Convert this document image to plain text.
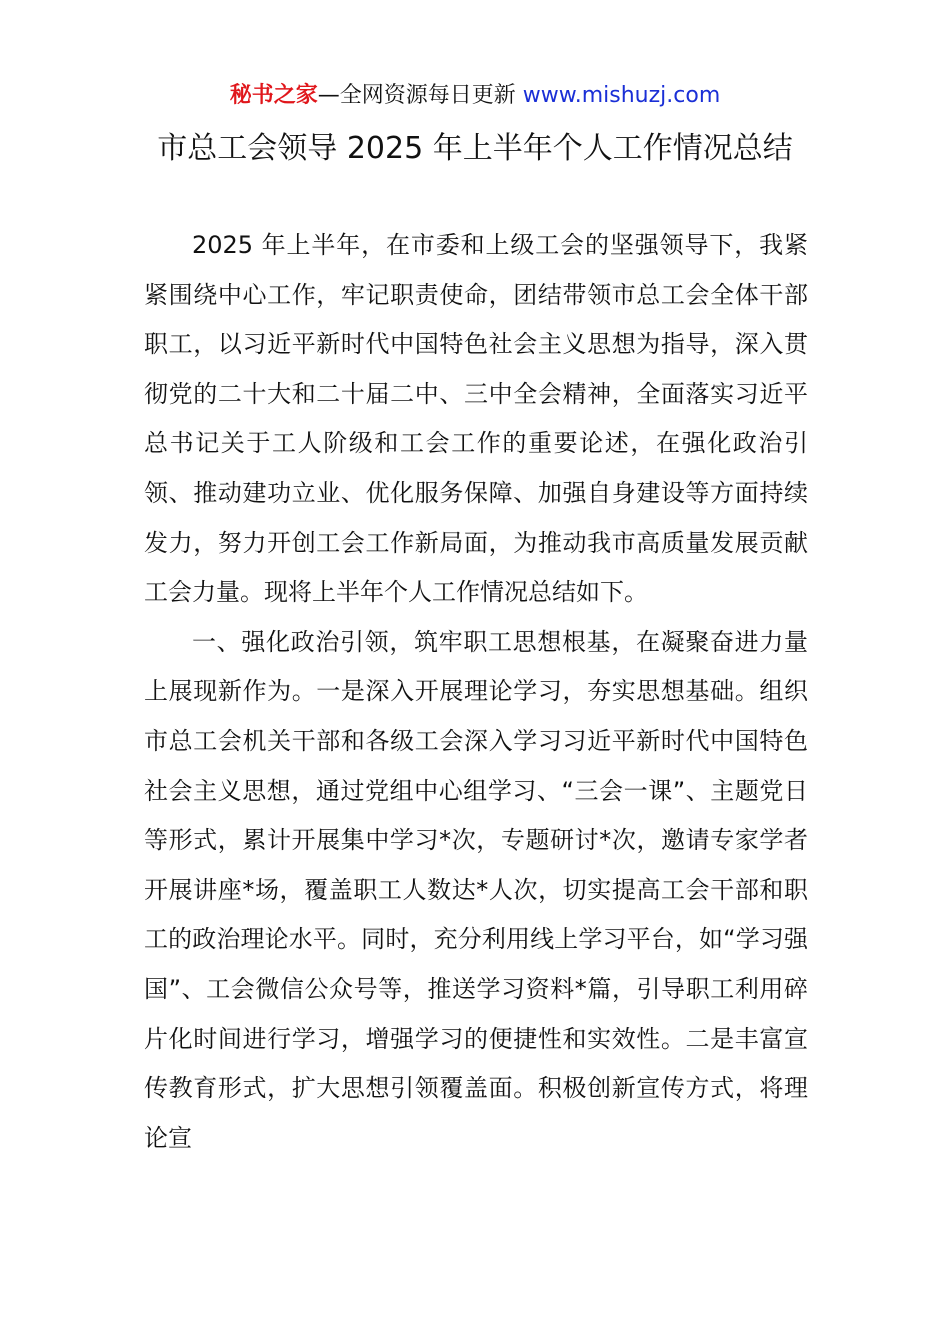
秘书之家—全网资源每日更新 www.mishuzj.com
市总工会领导 2025 年上半年个人工作情况总结

2025 年上半年，在市委和上级工会的坚强领导下，我紧紧围绕中心工作，牢记职责使命，团结带领市总工会全体干部职工，以习近平新时代中国特色社会主义思想为指导，深入贯彻党的二十大和二十届二中、三中全会精神，全面落实习近平总书记关于工人阶级和工会工作的重要论述，在强化政治引领、推动建功立业、优化服务保障、加强自身建设等方面持续发力，努力开创工会工作新局面，为推动我市高质量发展贡献工会力量。现将上半年个人工作情况总结如下。

一、强化政治引领，筑牢职工思想根基，在凝聚奋进力量上展现新作为。一是深入开展理论学习，夯实思想基础。组织市总工会机关干部和各级工会深入学习习近平新时代中国特色社会主义思想，通过党组中心组学习、“三会一课”、主题党日等形式，累计开展集中学习*次，专题研讨*次，邀请专家学者开展讲座*场，覆盖职工人数达*人次，切实提高工会干部和职工的政治理论水平。同时，充分利用线上学习平台，如“学习强国”、工会微信公众号等，推送学习资料*篇，引导职工利用碎片化时间进行学习，增强学习的便捷性和实效性。二是丰富宣传教育形式，扩大思想引领覆盖面。积极创新宣传方式，将理论宣
